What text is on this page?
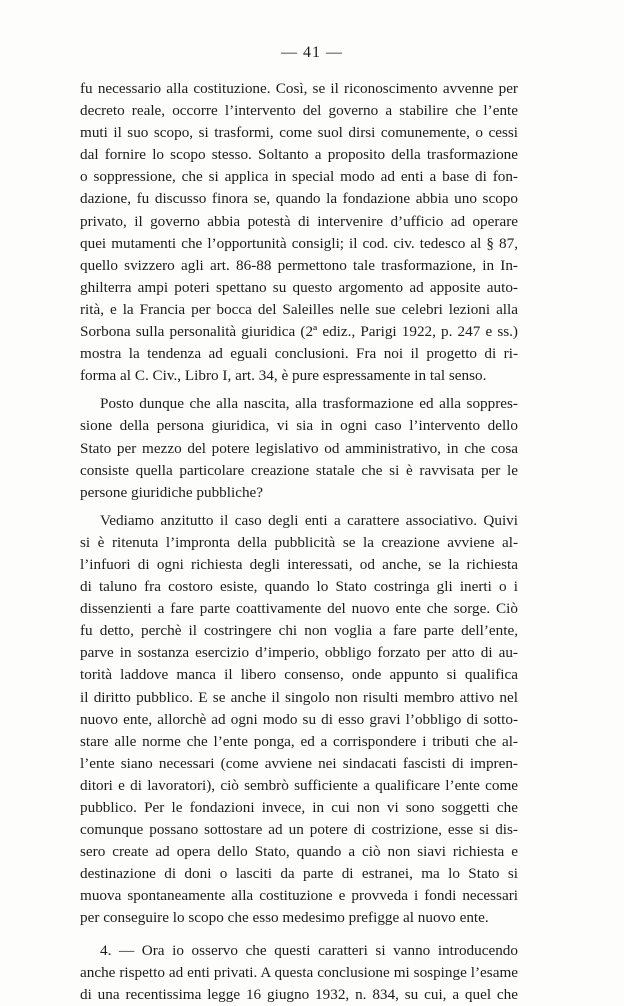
— 41 —
fu necessario alla costituzione. Così, se il riconoscimento avvenne per
decreto reale, occorre l’intervento del governo a stabilire che l’ente
muti il suo scopo, si trasformi, come suol dirsi comunemente, o cessi
dal fornire lo scopo stesso. Soltanto a proposito della trasformazione
o soppressione, che si applica in special modo ad enti a base di fon-
dazione, fu discusso finora se, quando la fondazione abbia uno scopo
privato, il governo abbia potestà di intervenire d’ufficio ad operare
quei mutamenti che l’opportunità consigli; il cod. civ. tedesco al § 87,
quello svizzero agli art. 86-88 permettono tale trasformazione, in In-
ghilterra ampi poteri spettano su questo argomento ad apposite auto-
rità, e la Francia per bocca del Saleilles nelle sue celebri lezioni alla
Sorbona sulla personalità giuridica (2ª ediz., Parigi 1922, p. 247 e ss.)
mostra la tendenza ad eguali conclusioni. Fra noi il progetto di ri-
forma al C. Civ., Libro I, art. 34, è pure espressamente in tal senso.
Posto dunque che alla nascita, alla trasformazione ed alla soppres-
sione della persona giuridica, vi sia in ogni caso l’intervento dello
Stato per mezzo del potere legislativo od amministrativo, in che cosa
consiste quella particolare creazione statale che si è ravvisata per le
persone giuridiche pubbliche?
Vediamo anzitutto il caso degli enti a carattere associativo. Quivi
si è ritenuta l’impronta della pubblicità se la creazione avviene al-
l’infuori di ogni richiesta degli interessati, od anche, se la richiesta
di taluno fra costoro esiste, quando lo Stato costringa gli inerti o i
dissenzienti a fare parte coattivamente del nuovo ente che sorge. Ciò
fu detto, perchè il costringere chi non voglia a fare parte dell’ente,
parve in sostanza esercizio d’imperio, obbligo forzato per atto di au-
torità laddove manca il libero consenso, onde appunto si qualifica
il diritto pubblico. E se anche il singolo non risulti membro attivo nel
nuovo ente, allorchè ad ogni modo su di esso gravi l’obbligo di sotto-
stare alle norme che l’ente ponga, ed a corrispondere i tributi che al-
l’ente siano necessari (come avviene nei sindacati fascisti di impren-
ditori e di lavoratori), ciò sembrò sufficiente a qualificare l’ente come
pubblico. Per le fondazioni invece, in cui non vi sono soggetti che
comunque possano sottostare ad un potere di costrizione, esse si dis-
sero create ad opera dello Stato, quando a ciò non siavi richiesta e
destinazione di doni o lasciti da parte di estranei, ma lo Stato si
muova spontaneamente alla costituzione e provveda i fondi necessari
per conseguire lo scopo che esso medesimo prefigge al nuovo ente.
4. — Ora io osservo che questi caratteri si vanno introducendo
anche rispetto ad enti privati. A questa conclusione mi sospinge l’esame
di una recentissima legge 16 giugno 1932, n. 834, su cui, a quel che
